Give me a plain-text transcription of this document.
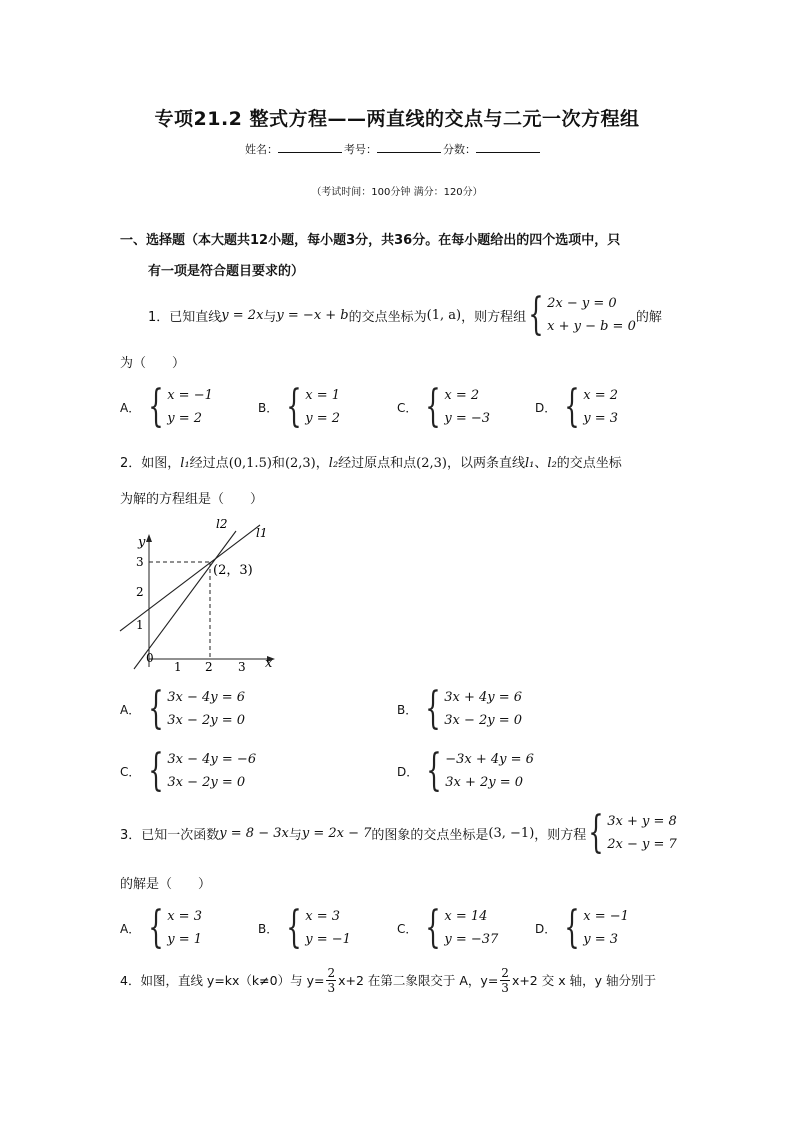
专项21.2 整式方程——两直线的交点与二元一次方程组
姓名：	考号：	分数：
（考试时间：100分钟 满分：120分）
一、选择题（本大题共12小题，每小题3分，共36分。在每小题给出的四个选项中，只
有一项是符合题目要求的）
1． 已知直线 y = 2x 与 y = −x + b 的交点坐标为 (1, a) ，则方程组 { 2x − y = 0
x + y − b = 0
的解
为（　　）
A． { x = −1
y = 2
B． { x = 1
y = 2
C． { x = 2
y = −3
D． { x = 2
y = 3
2．如图，l₁经过点(0,1.5)和(2,3)，l₂经过原点和点(2,3)，以两条直线l₁、l₂的交点坐标
为解的方程组是（　　）
y
x
0
1 2 3
1
2
3
(2，3)
l2
l1
A． { 3x − 4y = 6
3x − 2y = 0
B． { 3x + 4y = 6
3x − 2y = 0
C． { 3x − 4y = −6
3x − 2y = 0
D． { −3x + 4y = 6
3x + 2y = 0
3． 已知一次函数 y = 8 − 3x 与 y = 2x − 7 的图象的交点坐标是 (3, −1) ，则方程 { 3x + y = 8
2x − y = 7
的解是（　　）
A． { x = 3
y = 1
B． { x = 3
y = −1
C． { x = 14
y = −37
D． { x = −1
y = 3
4． 如图，直线 y=kx（k≠0）与 $y= \frac{2}{3} x+2$ 在第二象限交于 A，$y= \frac{2}{3} x+2$ 交 x 轴，y 轴分别于
